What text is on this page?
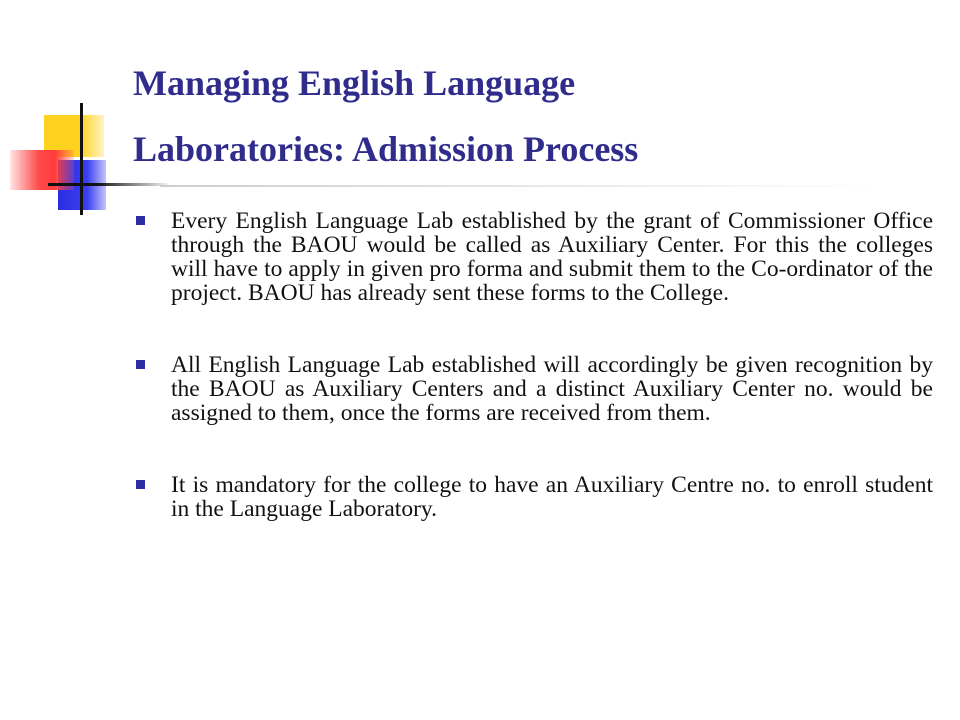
Managing English Language
Laboratories: Admission Process
Every English Language Lab established by the grant of Commissioner Office through the BAOU would be called as Auxiliary Center. For this the colleges will have to apply in given pro forma and submit them to the Co-ordinator of the project. BAOU has already sent these forms to the College.
All English Language Lab established will accordingly be given recognition by the BAOU as Auxiliary Centers and a distinct Auxiliary Center no. would be assigned to them, once the forms are received from them.
It is mandatory for the college to have an Auxiliary Centre no. to enroll student in the Language Laboratory.
